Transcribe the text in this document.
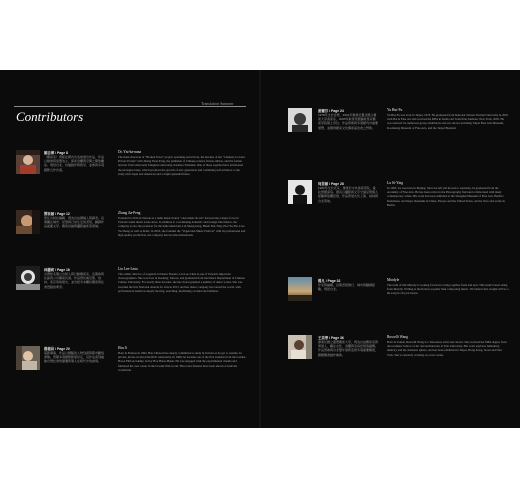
Translation Summer
Contributors
劉志博 / Page 8
（藝術家）曾經在國內外各地展出作品，作品以錄像與裝置為主，探索身體與空間之間的關係。現居台北，持續創作與教學，並參與多項國際合作計畫。
Dr. Yiu-ba-nana
The main character of "Broken Voice" project operating secret lives, the heroine of her "Channel Lovesex Private Events" with Zhang Yuan-Fang, the publisher of Chinese science fiction edition, and the former lecturer from University Tsinghua University, Kaohsiu Transient. One of these together have envisioned the strategies issue, which produces the growth of new generation and continuing self-evidence to the study with Japan and American and a bright splendid future.
鄧家穎 / Page 12
曾任出版社編輯，現為自由撰稿人與譯者。長期關注城市、記憶與日常生活的書寫，翻譯作品涵蓋文學、藝術評論與攝影論述等領域。
Zhang Jia-Peng
Founded in 2012 in Taiwan as a indie music brand, "ones music & arts" has become a major force in Taiwan's indie music scene since. In addition to coordinating domestic and foreign folk musics, the company is also the producer for the indie musicians Lin Sheng-bang, Hsieh Yun-Ting, Hou Yu-Yin, Liao Yu-Sheng as well as Rolls. In 2016, she founded the "Vegetarian Music Festival" with its professional and high quality production, the company has become mainstream.
林麗莉 / Page 16
台灣知名獨立出版人與行動藝術家，長期參與社區與公共藝術計畫。作品曾於威尼斯、柏林、東京等地展出，並出版多本關於藝術與社會實踐的專書。
Lin Lee-Lena
The artistic director of Legend Lin Dance Theatre, Lin Lee-Chen is one of Taiwan's important choreographers. She was born in Keelung, Taiwan, and graduated from the Dance Department of Chinese Culture University. For nearly three decades, she has choreographed a number of dance works. She was awarded the first National Awards for Arts in 2013, and her dance company has toured the world, with performances hailed as deeply moving, searching, meditating on ritual and stillness.
楊德昌 / Page 20
電影導演，作品以細膩的人物刻畫與都市觀察著稱。曾獲多項國際影展肯定，其作品深刻描繪台灣社會的變遷與個人在時代中的處境。
Hsu Ji
Born in Fuzhou in 1962, Hsu Chiawei has deeply committed to study in Taiwan as he got to resume. In private, he has received his ROC nationality. In 1998, he became one of the first students from the Golden Horse Film Academy, led by Hou Hsiao-Hsien. He was engaged with the experimental cinema and furthered his own career in the broader film world. His recent features have been shown at festivals worldwide.
游蕙芬 / Page 24
1978年生於台灣，2001年畢業於臺北國立藝術大學美術系，2005年取得英國倫敦皇家藝術學院碩士學位。作品曾參與多項國內外重要展覽，並獲得國家文化藝術基金會之贊助。
Yu Hui-Fu
Yu Hui-Fu was born in Taipei, 1978. He graduated from National Taiwan Normal University in 2002 with BA in Fine Art and received his MFA in Studio Art from Pratt Institute, New York, 2005. He was selected for numerous group exhibitions and solo shows including Taipei Fine Arts Museum, Kaohsiung Museum of Fine Arts, and the Taipei Biennial.
何思穎 / Page 28
1983年生於北京，畢業於中央美術學院，後赴德國深造。擅長以攝影與文字交織呈現個人經驗與集體記憶，作品曾展出於上海、柏林與台北等地。
Lu Si-Ying
In 1983, Lu was born in Beijing. Since he left and moved to Germany, he graduated from the Academy of Fine Arts. He has been active in the Photography field and collaborated with many contemporary artists. His work has been exhibited at the Shanghai Museum of Fine Arts, Berlin's Kunsthaus, and major museums in China, Europe and the United States, and he lives and works in Berlin.
楊凡 / Page 32
作家與編輯，長期書寫旅行、城市與翻譯經驗，現居台北。
Mindyle
The team of this Melody is looking forward to bring together fresh and new. This team's latest string from Melody. Writing is much more popular than composing music. We believe that tonight will be a hit song in all your hearts.
王美華 / Page 36
畢業於國立臺灣藝術大學，現為自由藝術家與策展人，關注女性、身體與家庭記憶等議題。作品曾參與台北雙年展與亞洲多項重要聯展，獲國藝會創作補助。
Ruscelli Wang
Born in Tainan, Ruscelli Wang is a Taiwanese artist and curator. She received her MFA degree from the Graduate School of Art and Architecture at Yale University. Her work explores femininity, memory and the domestic sphere, and has been exhibited in Taipei, Hong Kong, Seoul and New York. She is currently working on a new series.
